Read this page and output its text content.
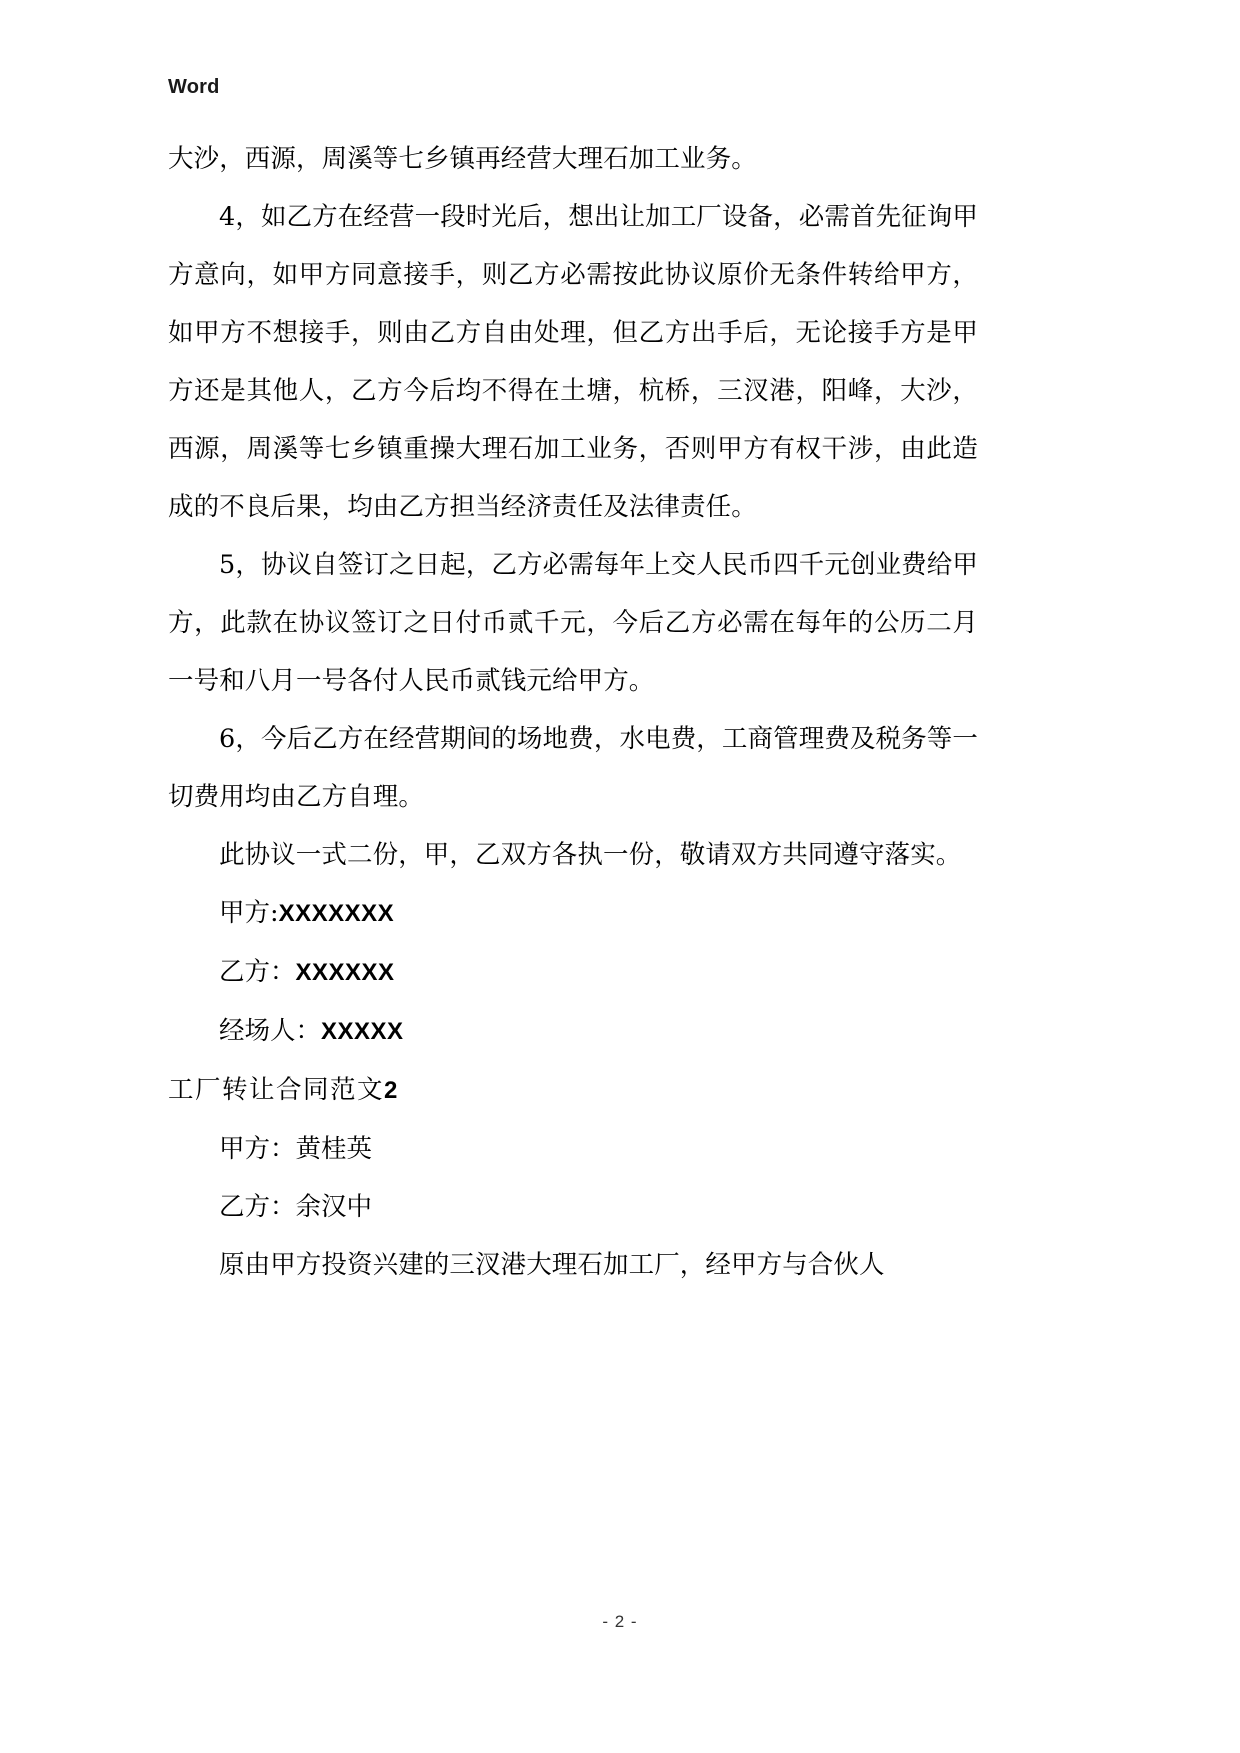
Word

大沙，西源，周溪等七乡镇再经营大理石加工业务。

4，如乙方在经营一段时光后，想出让加工厂设备，必需首先征询甲方意向，如甲方同意接手，则乙方必需按此协议原价无条件转给甲方，如甲方不想接手，则由乙方自由处理，但乙方出手后，无论接手方是甲方还是其他人，乙方今后均不得在土塘，杭桥，三汊港，阳峰，大沙，西源，周溪等七乡镇重操大理石加工业务，否则甲方有权干涉，由此造成的不良后果，均由乙方担当经济责任及法律责任。

5，协议自签订之日起，乙方必需每年上交人民币四千元创业费给甲方，此款在协议签订之日付币贰千元，今后乙方必需在每年的公历二月一号和八月一号各付人民币贰钱元给甲方。

6，今后乙方在经营期间的场地费，水电费，工商管理费及税务等一切费用均由乙方自理。

此协议一式二份，甲，乙双方各执一份，敬请双方共同遵守落实。

甲方:XXXXXXX
乙方：XXXXXX
经场人：XXXXX
工厂转让合同范文2
甲方：黄桂英
乙方：余汉中

原由甲方投资兴建的三汊港大理石加工厂，经甲方与合伙人

- 2 -
